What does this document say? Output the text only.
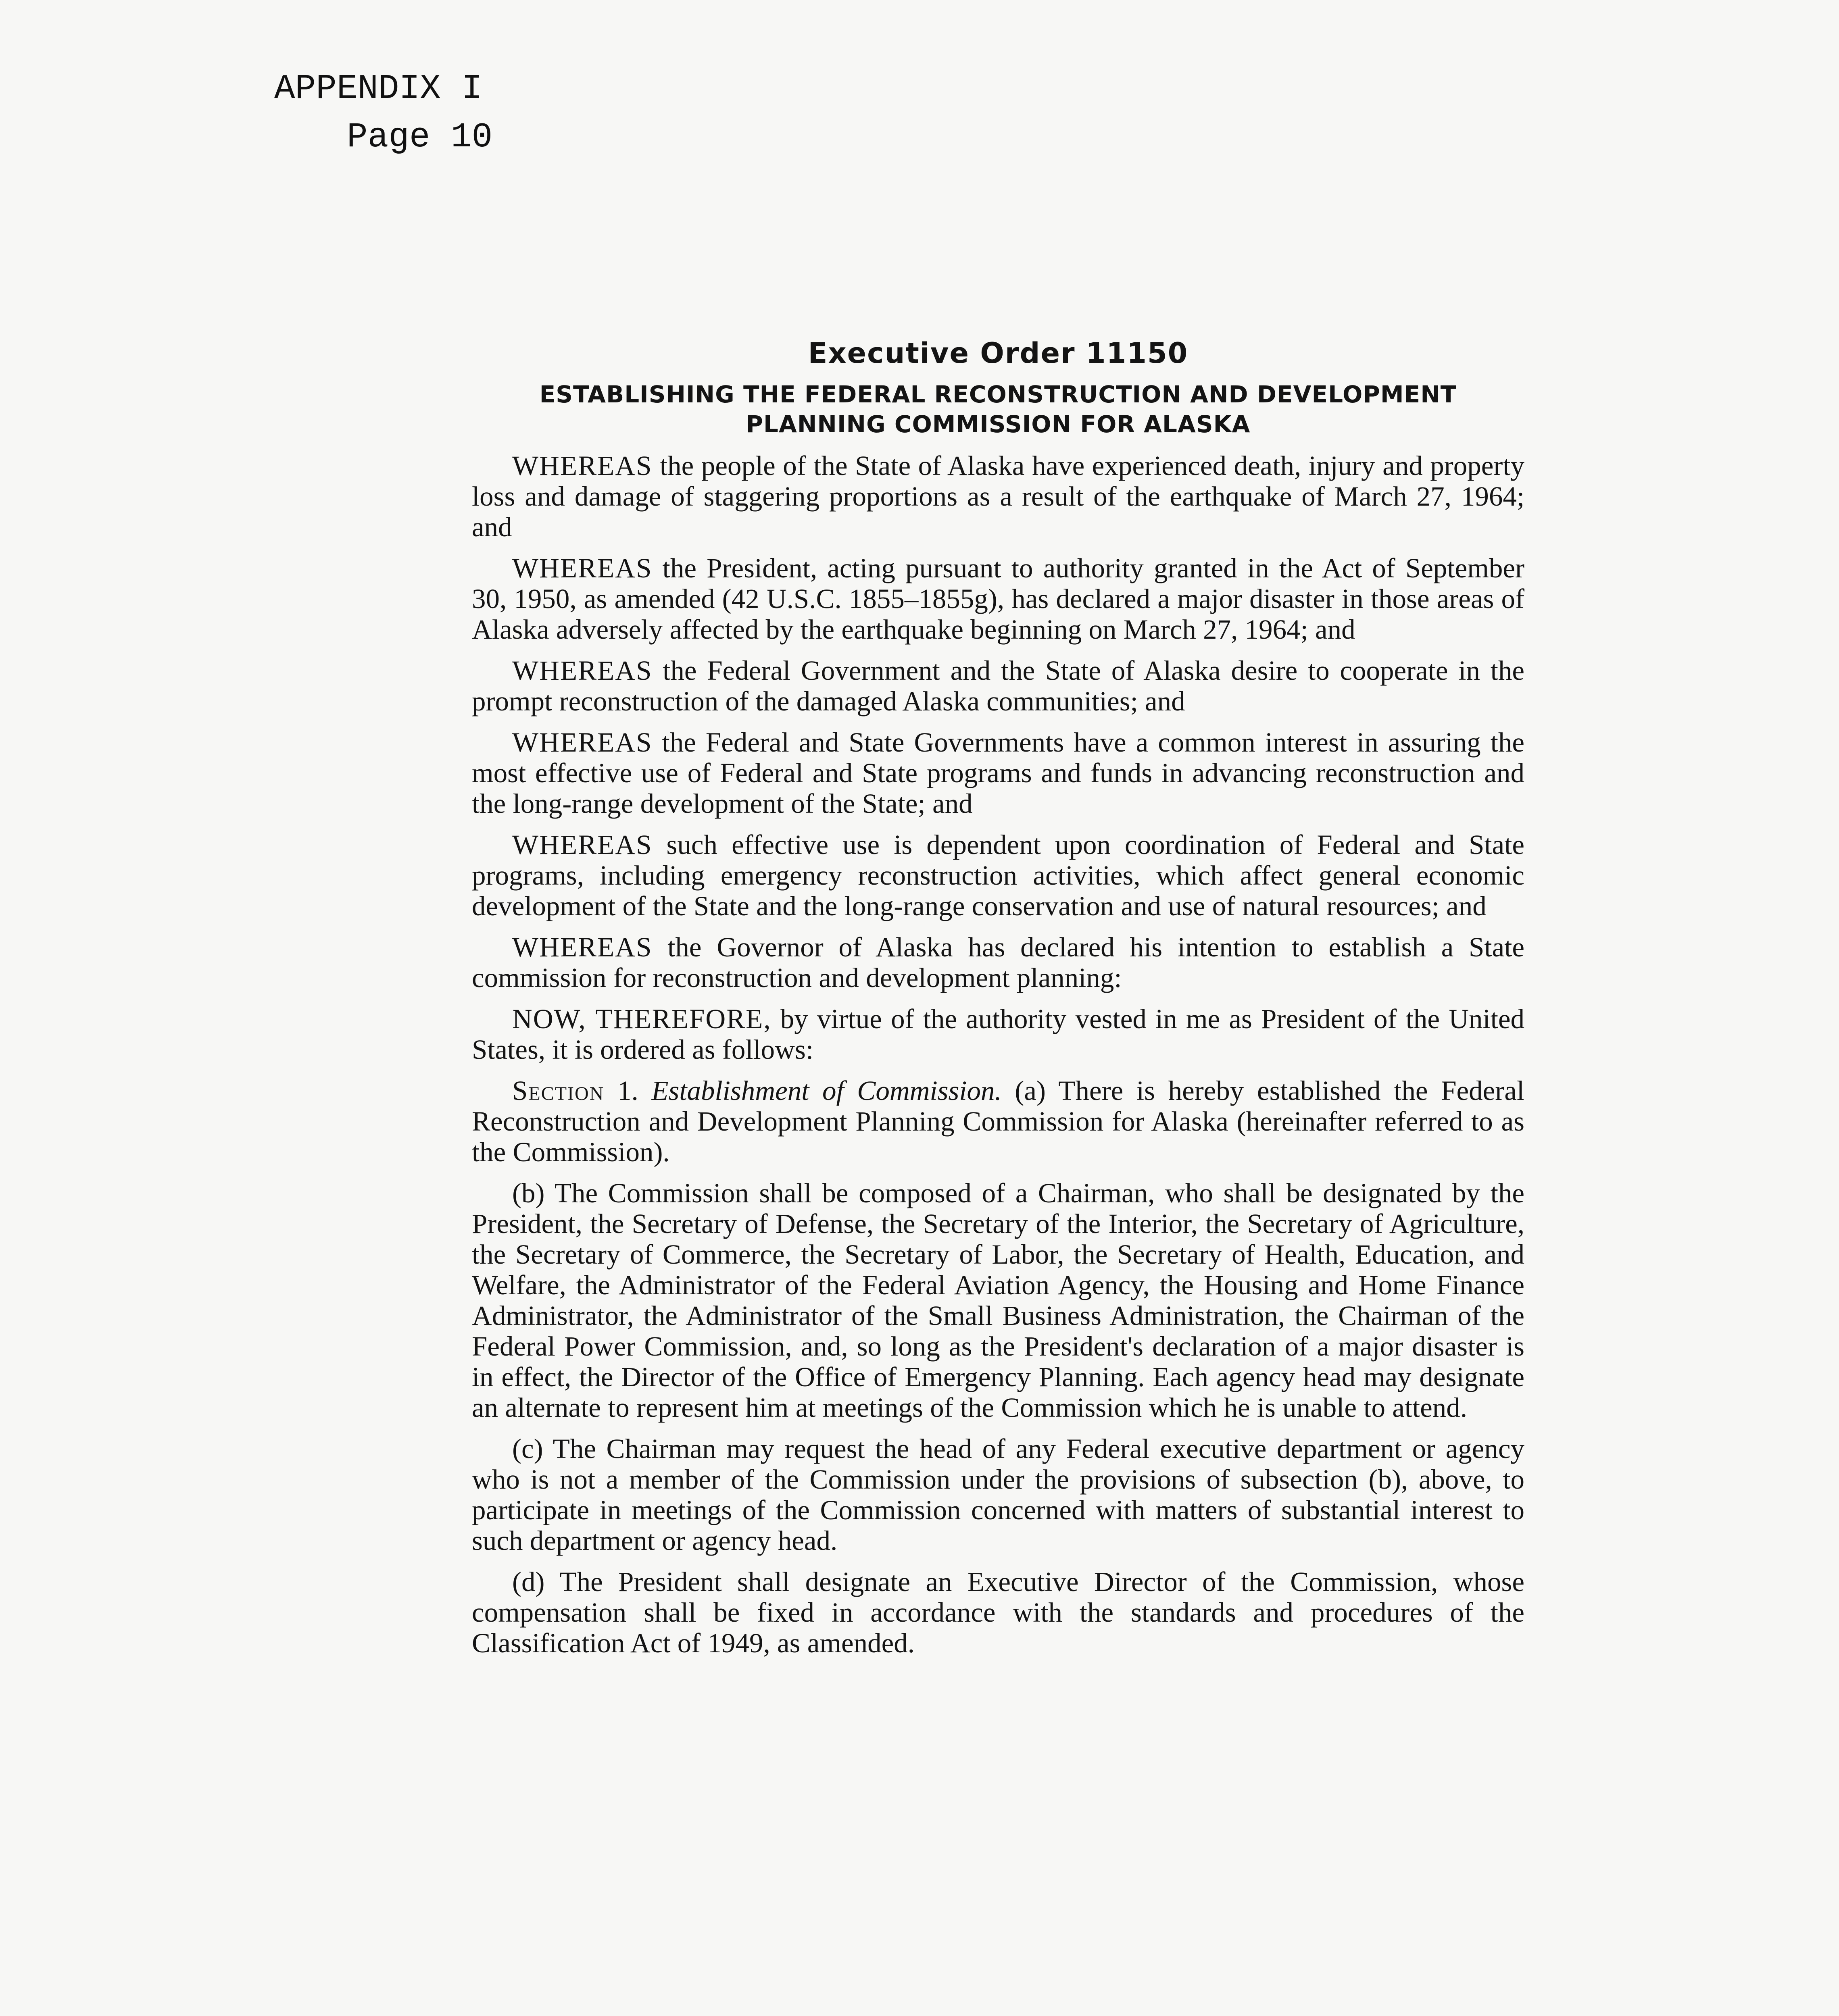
APPENDIX I
Page 10
Executive Order 11150
ESTABLISHING THE FEDERAL RECONSTRUCTION AND DEVELOPMENT
PLANNING COMMISSION FOR ALASKA

WHEREAS the people of the State of Alaska have experienced death, injury and property loss and damage of staggering proportions as a result of the earthquake of March 27, 1964; and

WHEREAS the President, acting pursuant to authority granted in the Act of September 30, 1950, as amended (42 U.S.C. 1855–1855g), has declared a major disaster in those areas of Alaska adversely affected by the earthquake beginning on March 27, 1964; and

WHEREAS the Federal Government and the State of Alaska desire to cooperate in the prompt reconstruction of the damaged Alaska communities; and

WHEREAS the Federal and State Governments have a common interest in assuring the most effective use of Federal and State programs and funds in advancing reconstruction and the long-range development of the State; and

WHEREAS such effective use is dependent upon coordination of Federal and State programs, including emergency reconstruction activities, which affect general economic development of the State and the long-range conservation and use of natural resources; and

WHEREAS the Governor of Alaska has declared his intention to establish a State commission for reconstruction and development planning:

NOW, THEREFORE, by virtue of the authority vested in me as President of the United States, it is ordered as follows:

Section 1. Establishment of Commission. (a) There is hereby established the Federal Reconstruction and Development Planning Commission for Alaska (hereinafter referred to as the Commission).

(b) The Commission shall be composed of a Chairman, who shall be designated by the President, the Secretary of Defense, the Secretary of the Interior, the Secretary of Agriculture, the Secretary of Commerce, the Secretary of Labor, the Secretary of Health, Education, and Welfare, the Administrator of the Federal Aviation Agency, the Housing and Home Finance Administrator, the Administrator of the Small Business Administration, the Chairman of the Federal Power Commission, and, so long as the President's declaration of a major disaster is in effect, the Director of the Office of Emergency Planning. Each agency head may designate an alternate to represent him at meetings of the Commission which he is unable to attend.

(c) The Chairman may request the head of any Federal executive department or agency who is not a member of the Commission under the provisions of subsection (b), above, to participate in meetings of the Commission concerned with matters of substantial interest to such department or agency head.

(d) The President shall designate an Executive Director of the Commission, whose compensation shall be fixed in accordance with the standards and procedures of the Classification Act of 1949, as amended.
